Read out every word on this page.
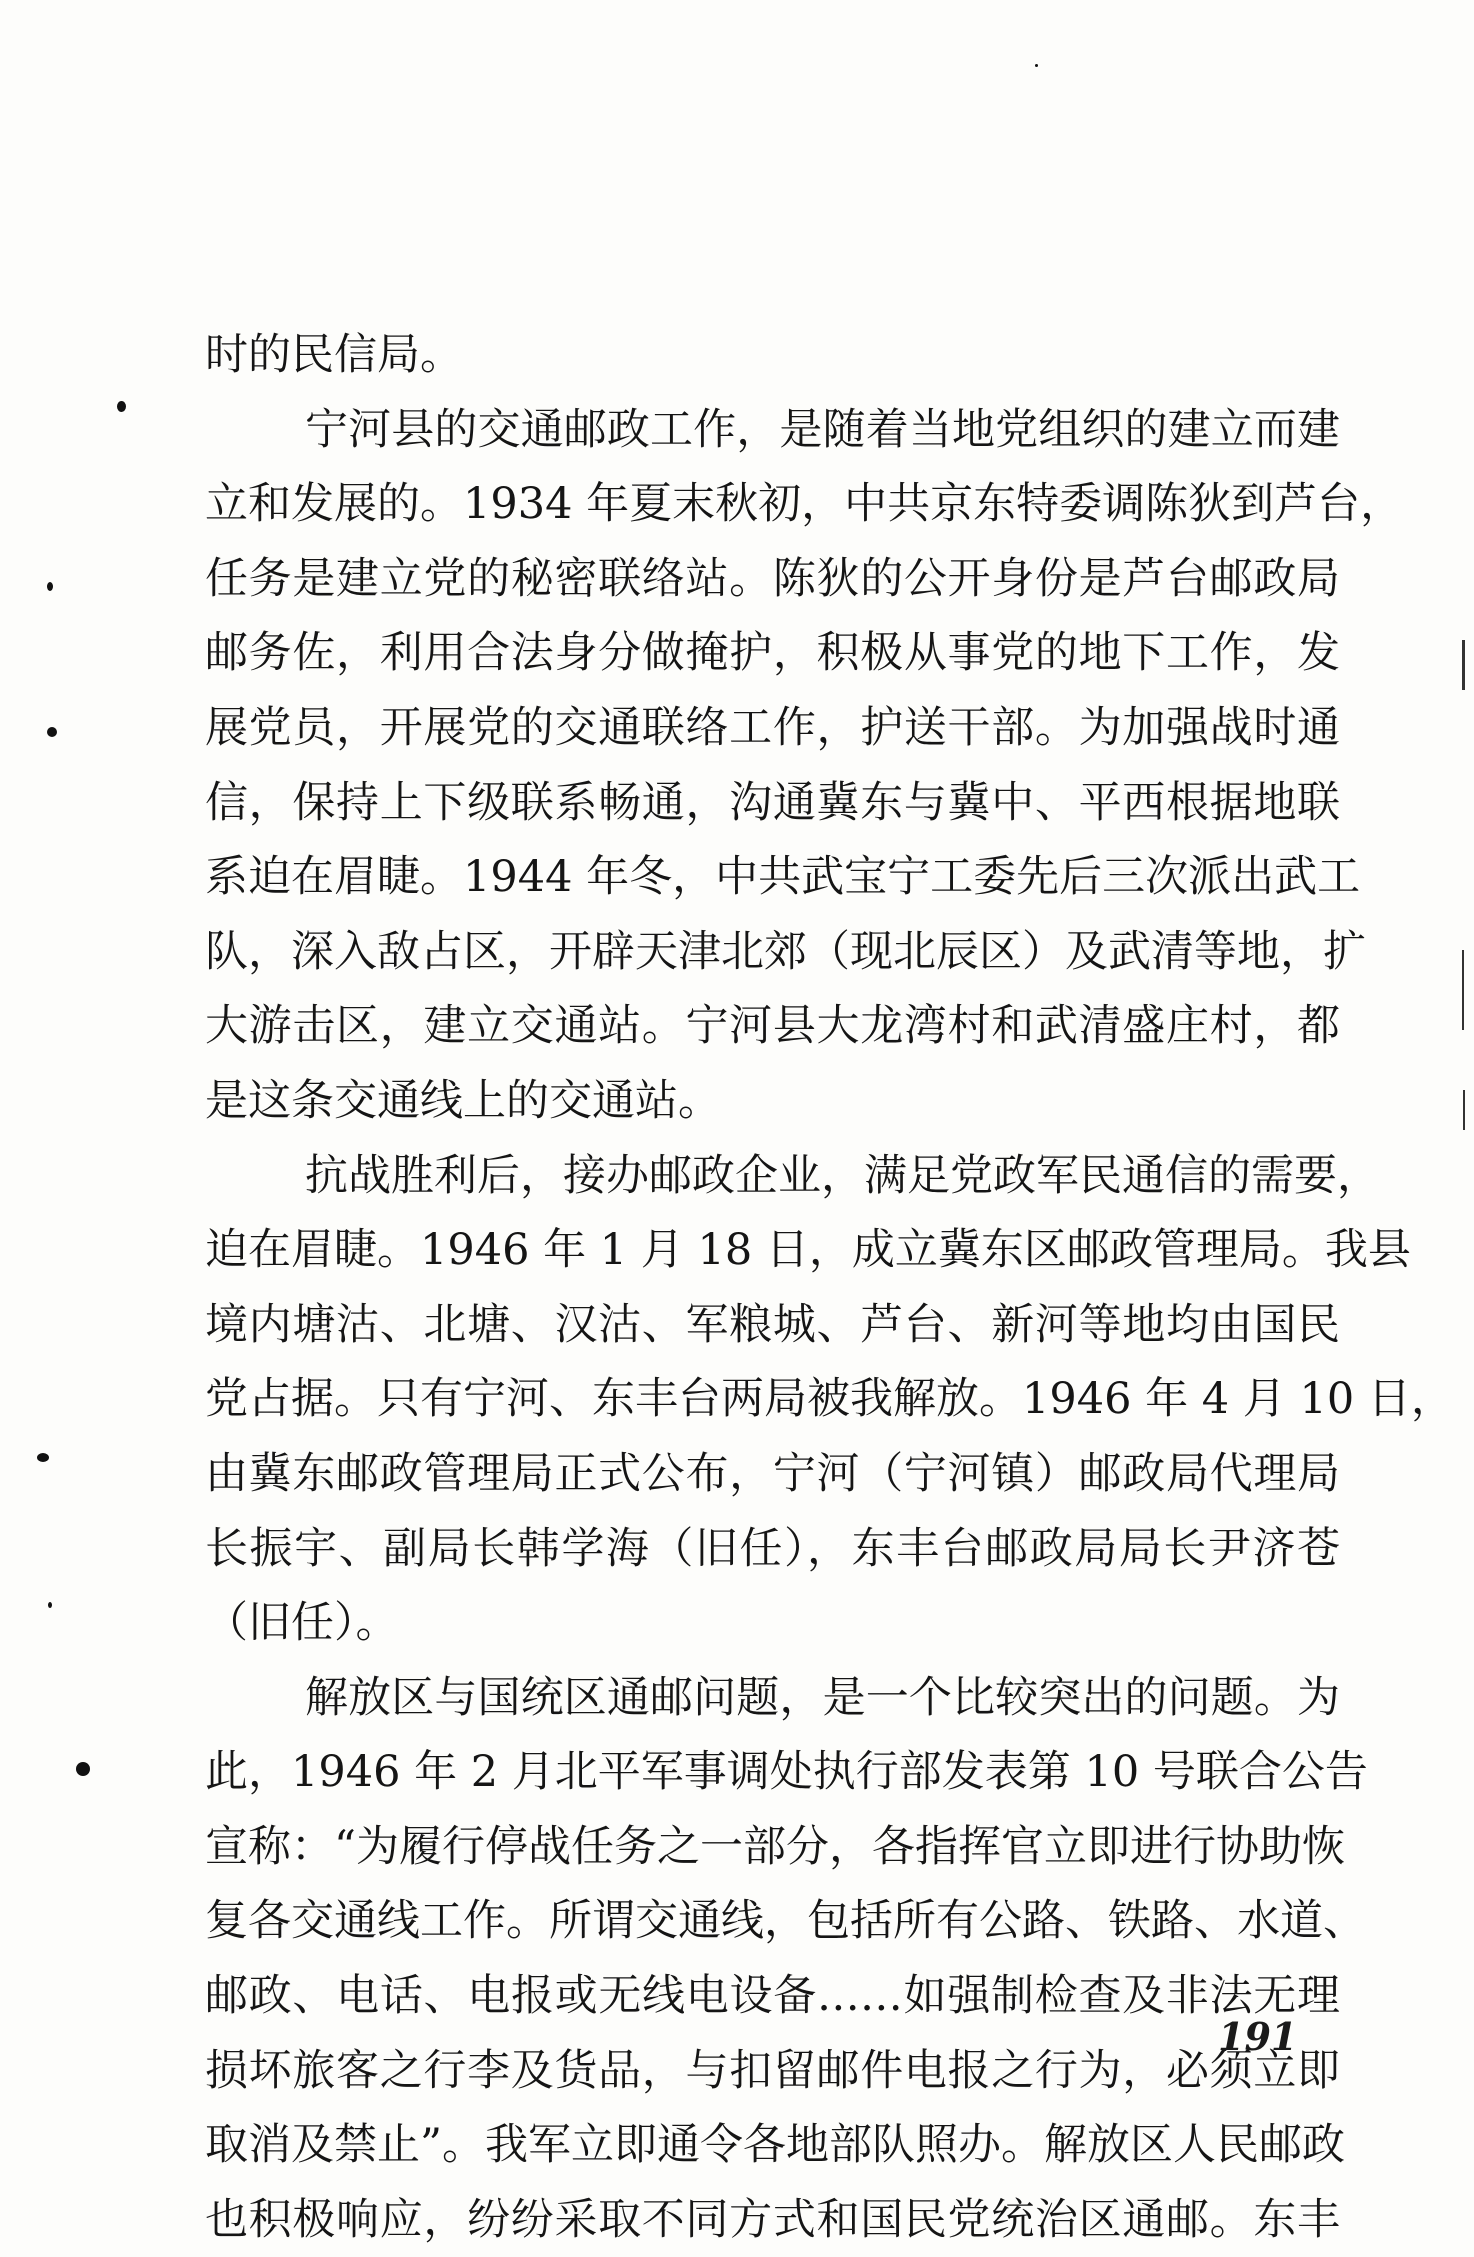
时的民信局。
宁河县的交通邮政工作，是随着当地党组织的建立而建
立和发展的。1934 年夏末秋初，中共京东特委调陈狄到芦台，
任务是建立党的秘密联络站。陈狄的公开身份是芦台邮政局
邮务佐，利用合法身分做掩护，积极从事党的地下工作，发
展党员，开展党的交通联络工作，护送干部。为加强战时通
信，保持上下级联系畅通，沟通冀东与冀中、平西根据地联
系迫在眉睫。1944 年冬，中共武宝宁工委先后三次派出武工
队，深入敌占区，开辟天津北郊（现北辰区）及武清等地，扩
大游击区，建立交通站。宁河县大龙湾村和武清盛庄村，都
是这条交通线上的交通站。
抗战胜利后，接办邮政企业，满足党政军民通信的需要，
迫在眉睫。1946 年 1 月 18 日，成立冀东区邮政管理局。我县
境内塘沽、北塘、汉沽、军粮城、芦台、新河等地均由国民
党占据。只有宁河、东丰台两局被我解放。1946 年 4 月 10 日，
由冀东邮政管理局正式公布，宁河（宁河镇）邮政局代理局
长振宇、副局长韩学海（旧任），东丰台邮政局局长尹济苍
（旧任）。
解放区与国统区通邮问题，是一个比较突出的问题。为
此，1946 年 2 月北平军事调处执行部发表第 10 号联合公告
宣称：“为履行停战任务之一部分，各指挥官立即进行协助恢
复各交通线工作。所谓交通线，包括所有公路、铁路、水道、
邮政、电话、电报或无线电设备……如强制检查及非法无理
损坏旅客之行李及货品，与扣留邮件电报之行为，必须立即
取消及禁止”。我军立即通令各地部队照办。解放区人民邮政
也积极响应，纷纷采取不同方式和国民党统治区通邮。东丰
191
